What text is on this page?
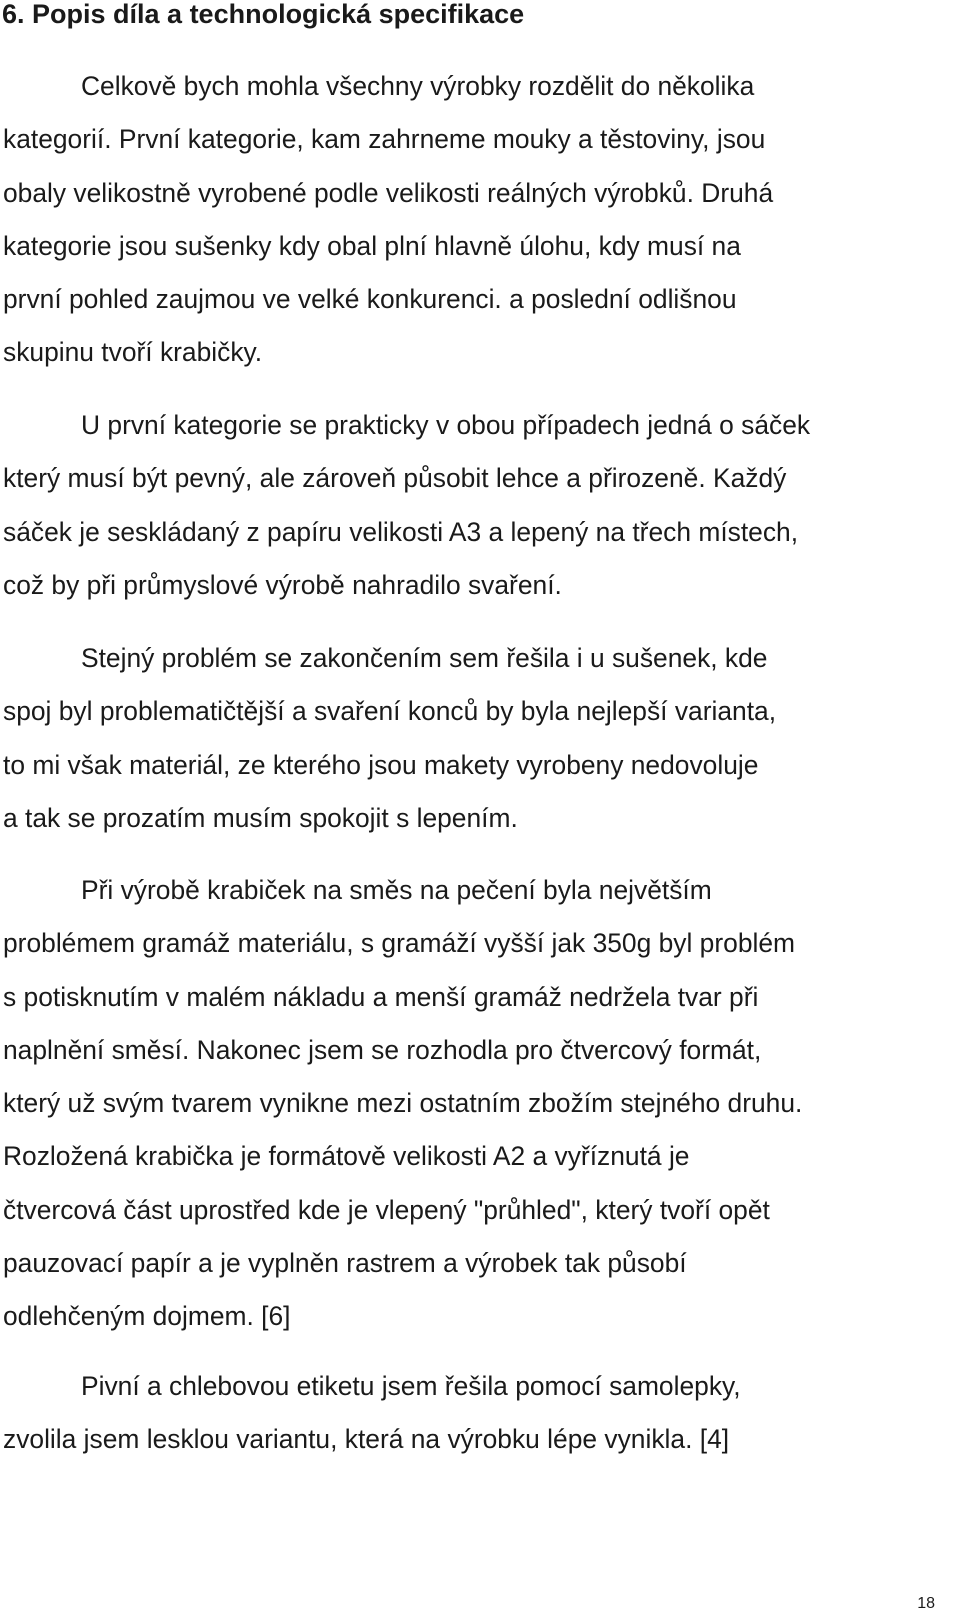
6. Popis díla a technologická specifikace

Celkově bych mohla všechny výrobky rozdělit do několika
kategorií. První kategorie, kam zahrneme mouky a těstoviny, jsou
obaly velikostně vyrobené podle velikosti reálných výrobků. Druhá
kategorie jsou sušenky kdy obal plní hlavně úlohu, kdy musí na
první pohled zaujmou ve velké konkurenci. a poslední odlišnou
skupinu tvoří krabičky.

U první kategorie se prakticky v obou případech jedná o sáček
který musí být pevný, ale zároveň působit lehce a přirozeně. Každý
sáček je seskládaný z papíru velikosti A3 a lepený na třech místech,
což by při průmyslové výrobě nahradilo svaření.

Stejný problém se zakončením sem řešila i u sušenek, kde
spoj byl problematičtější a svaření konců by byla nejlepší varianta,
to mi však materiál, ze kterého jsou makety vyrobeny nedovoluje
a tak se prozatím musím spokojit s lepením.

Při výrobě krabiček na směs na pečení byla největším
problémem gramáž materiálu, s gramáží vyšší jak 350g byl problém
s potisknutím v malém nákladu a menší gramáž nedržela tvar při
naplnění směsí. Nakonec jsem se rozhodla pro čtvercový formát,
který už svým tvarem vynikne mezi ostatním zbožím stejného druhu.
Rozložená krabička je formátově velikosti A2 a vyříznutá je
čtvercová část uprostřed kde je vlepený "průhled", který tvoří opět
pauzovací papír a je vyplněn rastrem a výrobek tak působí
odlehčeným dojmem. [6]

Pivní a chlebovou etiketu jsem řešila pomocí samolepky,
zvolila jsem lesklou variantu, která na výrobku lépe vynikla. [4]

18
